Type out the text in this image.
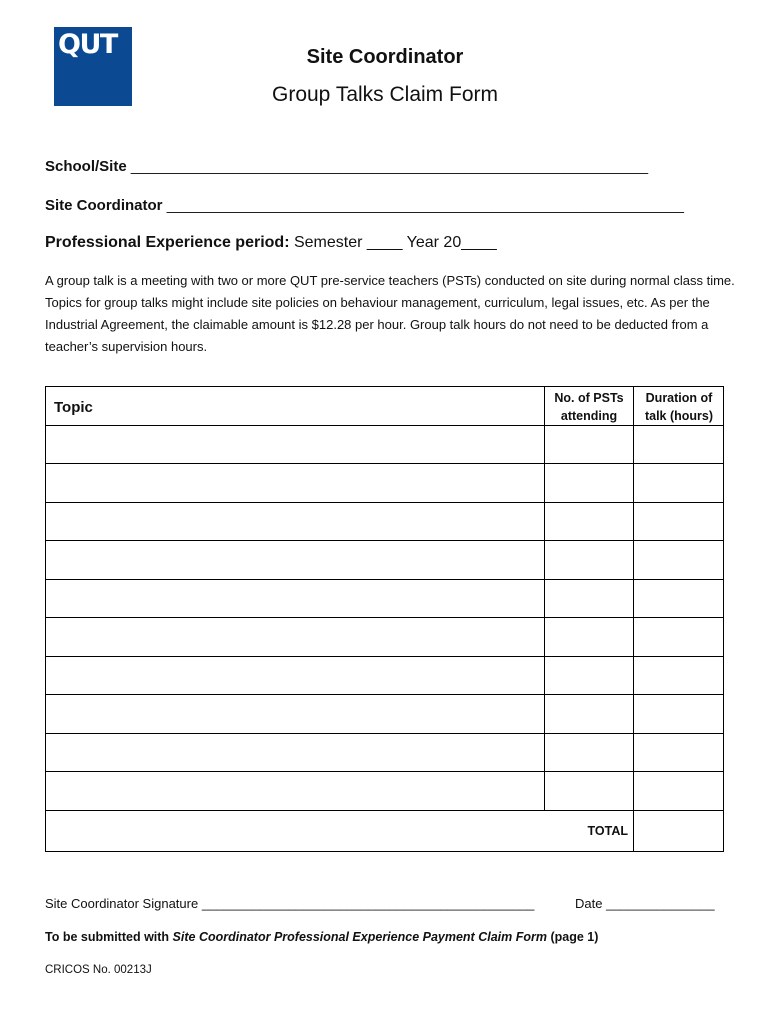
QUT	Site Coordinator
Group Talks Claim Form
School/Site ______________________________________________________________
Site Coordinator ______________________________________________________________
Professional Experience period: Semester ____ Year 20____
A group talk is a meeting with two or more QUT pre-service teachers (PSTs) conducted on site during normal class time. Topics for group talks might include site policies on behaviour management, curriculum, legal issues, etc. As per the Industrial Agreement, the claimable amount is $12.28 per hour. Group talk hours do not need to be deducted from a teacher’s supervision hours.
Topic
No. of PSTs attending
Duration of talk (hours)
TOTAL
Site Coordinator Signature ______________________________________________	Date _______________
To be submitted with Site Coordinator Professional Experience Payment Claim Form (page 1)
CRICOS No. 00213J
